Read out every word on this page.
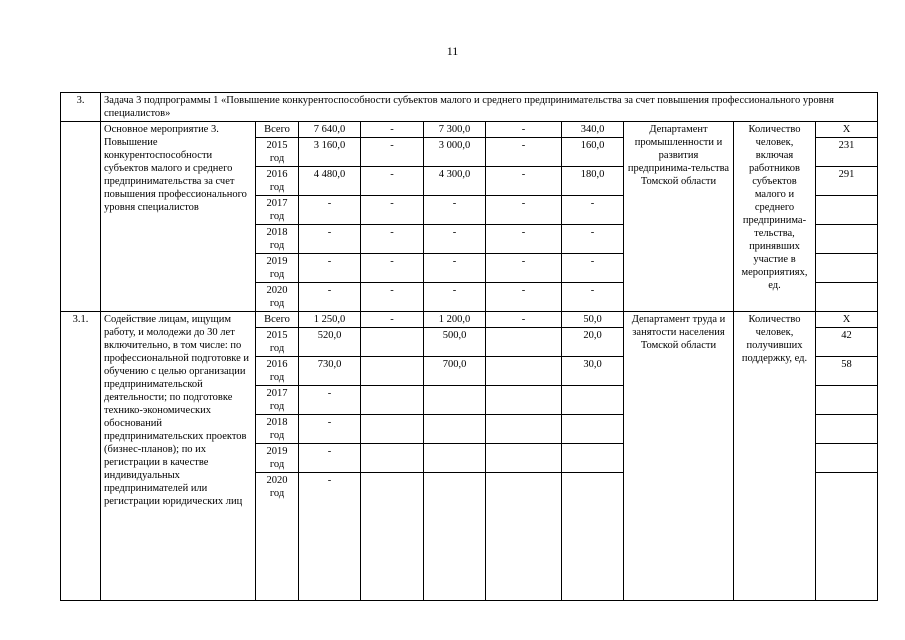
11
3.	Задача 3 подпрограммы 1 «Повышение конкурентоспособности субъектов малого и среднего предпринимательства за счет повышения профессионального уровня специалистов»									
	Основное мероприятие 3. Повышение конкурентоспособности субъектов малого и среднего предпринимательства за счет повышения профессионального уровня специалистов	Всего	7 640,0	-	7 300,0	-	340,0	Департамент промышленности и развития предпринима-тельства Томской области	Количество человек, включая работников субъектов малого и среднего предпринима-тельства, принявших участие в мероприятиях, ед.	Х
		2015 год	3 160,0	-	3 000,0	-	160,0			231
		2016 год	4 480,0	-	4 300,0	-	180,0			291
		2017 год	-	-	-	-	-			
		2018 год	-	-	-	-	-			
		2019 год	-	-	-	-	-			
		2020 год	-	-	-	-	-			
3.1.	Содействие лицам, ищущим работу, и молодежи до 30 лет включительно, в том числе: по профессиональной подготовке и обучению с целью организации предпринимательской деятельности; по подготовке технико-экономических обоснований предпринимательских проектов (бизнес-планов); по их регистрации в качестве индивидуальных предпринимателей или регистрации юридических лиц	Всего	1 250,0	-	1 200,0	-	50,0	Департамент труда и занятости населения Томской области	Количество человек, получивших поддержку, ед.	Х
		2015 год	520,0		500,0		20,0			42
		2016 год	730,0		700,0		30,0			58
		2017 год	-							
		2018 год	-							
		2019 год	-							
		2020 год	-							
